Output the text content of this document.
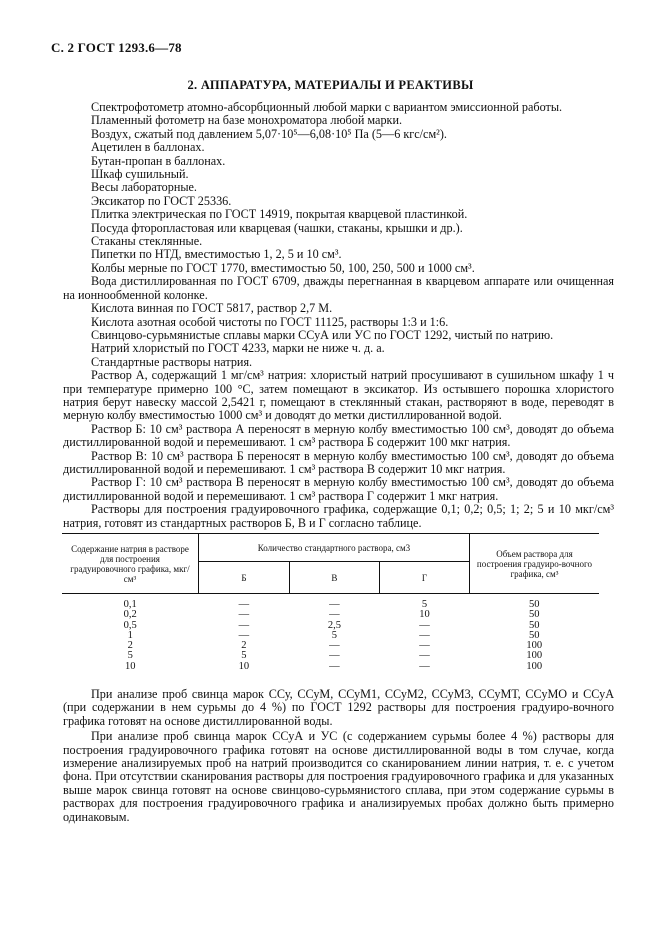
С. 2 ГОСТ 1293.6—78
2. АППАРАТУРА, МАТЕРИАЛЫ И РЕАКТИВЫ
Спектрофотометр атомно-абсорбционный любой марки с вариантом эмиссионной работы.
Пламенный фотометр на базе монохроматора любой марки.
Воздух, сжатый под давлением 5,07·10⁵—6,08·10⁵ Па (5—6 кгс/см²).
Ацетилен в баллонах.
Бутан-пропан в баллонах.
Шкаф сушильный.
Весы лабораторные.
Эксикатор по ГОСТ 25336.
Плитка электрическая по ГОСТ 14919, покрытая кварцевой пластинкой.
Посуда фторопластовая или кварцевая (чашки, стаканы, крышки и др.).
Стаканы стеклянные.
Пипетки по НТД, вместимостью 1, 2, 5 и 10 см³.
Колбы мерные по ГОСТ 1770, вместимостью 50, 100, 250, 500 и 1000 см³.
Вода дистиллированная по ГОСТ 6709, дважды перегнанная в кварцевом аппарате или очищенная на ионнообменной колонке.
Кислота винная по ГОСТ 5817, раствор 2,7 М.
Кислота азотная особой чистоты по ГОСТ 11125, растворы 1:3 и 1:6.
Свинцово-сурьмянистые сплавы марки ССуА или УС по ГОСТ 1292, чистый по натрию.
Натрий хлористый по ГОСТ 4233, марки не ниже ч. д. а.
Стандартные растворы натрия.
Раствор А, содержащий 1 мг/см³ натрия: хлористый натрий просушивают в сушильном шкафу 1 ч при температуре примерно 100 °С, затем помещают в эксикатор. Из остывшего порошка хлористого натрия берут навеску массой 2,5421 г, помещают в стеклянный стакан, растворяют в воде, переводят в мерную колбу вместимостью 1000 см³ и доводят до метки дистиллированной водой.
Раствор Б: 10 см³ раствора А переносят в мерную колбу вместимостью 100 см³, доводят до объема дистиллированной водой и перемешивают. 1 см³ раствора Б содержит 100 мкг натрия.
Раствор В: 10 см³ раствора Б переносят в мерную колбу вместимостью 100 см³, доводят до объема дистиллированной водой и перемешивают. 1 см³ раствора В содержит 10 мкг натрия.
Раствор Г: 10 см³ раствора В переносят в мерную колбу вместимостью 100 см³, доводят до объема дистиллированной водой и перемешивают. 1 см³ раствора Г содержит 1 мкг натрия.
Растворы для построения градуировочного графика, содержащие 0,1; 0,2; 0,5; 1; 2; 5 и 10 мкг/см³ натрия, готовят из стандартных растворов Б, В и Г согласно таблице.
Содержание натрия в растворе для построения градуировочного графика, мкг/см³	Количество стандартного раствора, см3			Объем раствора для построения градуиро-вочного графика, см³
	Б	В	Г	
0,1	—	—	5	50
0,2	—	—	10	50
0,5	—	2,5	—	50
1	—	5	—	50
2	2	—	—	100
5	5	—	—	100
10	10	—	—	100

При анализе проб свинца марок ССу, ССуМ, ССуМ1, ССуМ2, ССуМ3, ССуМТ, ССуМО и ССуА (при содержании в нем сурьмы до 4 %) по ГОСТ 1292 растворы для построения градуиро-вочного графика готовят на основе дистиллированной воды.

При анализе проб свинца марок ССуА и УС (с содержанием сурьмы более 4 %) растворы для построения градуировочного графика готовят на основе дистиллированной воды в том случае, когда измерение анализируемых проб на натрий производится со сканированием линии натрия, т. е. с учетом фона. При отсутствии сканирования растворы для построения градуировочного графика и для указанных выше марок свинца готовят на основе свинцово-сурьмянистого сплава, при этом содержание сурьмы в растворах для построения градуировочного графика и анализируемых пробах должно быть примерно одинаковым.
